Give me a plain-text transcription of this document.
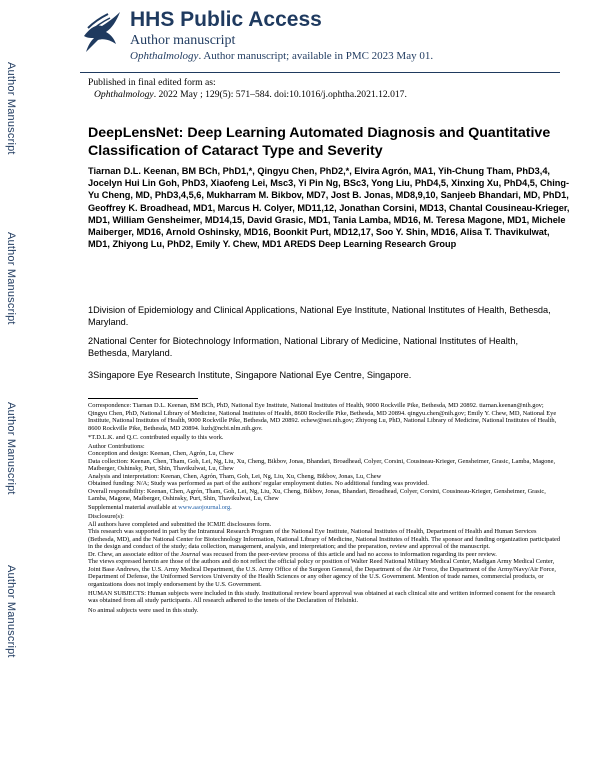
Author Manuscript
Author Manuscript
Author Manuscript
Author Manuscript
HHS Public Access
Author manuscript
Ophthalmology. Author manuscript; available in PMC 2023 May 01.
Published in final edited form as:
Ophthalmology. 2022 May ; 129(5): 571–584. doi:10.1016/j.ophtha.2021.12.017.
DeepLensNet: Deep Learning Automated Diagnosis and Quantitative Classification of Cataract Type and Severity
Tiarnan D.L. Keenan, BM BCh, PhD1,*, Qingyu Chen, PhD2,*, Elvira Agrón, MA1, Yih-Chung Tham, PhD3,4, Jocelyn Hui Lin Goh, PhD3, Xiaofeng Lei, Msc3, Yi Pin Ng, BSc3, Yong Liu, PhD4,5, Xinxing Xu, PhD4,5, Ching-Yu Cheng, MD, PhD3,4,5,6, Mukharram M. Bikbov, MD7, Jost B. Jonas, MD8,9,10, Sanjeeb Bhandari, MD, PhD1, Geoffrey K. Broadhead, MD1, Marcus H. Colyer, MD11,12, Jonathan Corsini, MD13, Chantal Cousineau-Krieger, MD1, William Gensheimer, MD14,15, David Grasic, MD1, Tania Lamba, MD16, M. Teresa Magone, MD1, Michele Maiberger, MD16, Arnold Oshinsky, MD16, Boonkit Purt, MD12,17, Soo Y. Shin, MD16, Alisa T. Thavikulwat, MD1, Zhiyong Lu, PhD2, Emily Y. Chew, MD1 AREDS Deep Learning Research Group
1Division of Epidemiology and Clinical Applications, National Eye Institute, National Institutes of Health, Bethesda, Maryland.
2National Center for Biotechnology Information, National Library of Medicine, National Institutes of Health, Bethesda, Maryland.
3Singapore Eye Research Institute, Singapore National Eye Centre, Singapore.

Correspondence: Tiarnan D.L. Keenan, BM BCh, PhD, National Eye Institute, National Institutes of Health, 9000 Rockville Pike, Bethesda, MD 20892. tiarnan.keenan@nih.gov; Qingyu Chen, PhD, National Library of Medicine, National Institutes of Health, 8600 Rockville Pike, Bethesda, MD 20894. qingyu.chen@nih.gov; Emily Y. Chew, MD, National Eye Institute, National Institutes of Health, 9000 Rockville Pike, Bethesda, MD 20892. echew@nei.nih.gov; Zhiyong Lu, PhD, National Library of Medicine, National Institutes of Health, 8600 Rockville Pike, Bethesda, MD 20894. luzh@ncbi.nlm.nih.gov.

*T.D.L.K. and Q.C. contributed equally to this work.

Author Contributions:
Conception and design: Keenan, Chen, Agrón, Lu, Chew
Data collection: Keenan, Chen, Tham, Goh, Lei, Ng, Liu, Xu, Cheng, Bikbov, Jonas, Bhandari, Broadhead, Colyer, Corsini, Cousineau-Krieger, Gensheimer, Grasic, Lamba, Magone, Maiberger, Oshinsky, Purt, Shin, Thavikulwat, Lu, Chew
Analysis and interpretation: Keenan, Chen, Agrón, Tham, Goh, Lei, Ng, Liu, Xu, Cheng, Bikbov, Jonas, Lu, Chew
Obtained funding: N/A; Study was performed as part of the authors' regular employment duties. No additional funding was provided.
Overall responsibility: Keenan, Chen, Agrón, Tham, Goh, Lei, Ng, Liu, Xu, Cheng, Bikbov, Jonas, Bhandari, Broadhead, Colyer, Corsini, Cousineau-Krieger, Gensheimer, Grasic, Lamba, Magone, Maiberger, Oshinsky, Purt, Shin, Thavikulwat, Lu, Chew

Supplemental material available at www.aaojournal.org.

Disclosure(s):
All authors have completed and submitted the ICMJE disclosures form.
This research was supported in part by the Intramural Research Program of the National Eye Institute, National Institutes of Health, Department of Health and Human Services (Bethesda, MD), and the National Center for Biotechnology Information, National Library of Medicine, National Institutes of Health. The sponsor and funding organization participated in the design and conduct of the study; data collection, management, analysis, and interpretation; and the preparation, review and approval of the manuscript.
Dr. Chew, an associate editor of the Journal was recused from the peer-review process of this article and had no access to information regarding its peer review.
The views expressed herein are those of the authors and do not reflect the official policy or position of Walter Reed National Military Medical Center, Madigan Army Medical Center, Joint Base Andrews, the U.S. Army Medical Department, the U.S. Army Office of the Surgeon General, the Department of the Air Force, the Department of the Army/Navy/Air Force, Department of Defense, the Uniformed Services University of the Health Sciences or any other agency of the U.S. Government. Mention of trade names, commercial products, or organizations does not imply endorsement by the U.S. Government.

HUMAN SUBJECTS: Human subjects were included in this study. Institutional review board approval was obtained at each clinical site and written informed consent for the research was obtained from all study participants. All research adhered to the tenets of the Declaration of Helsinki.

No animal subjects were used in this study.
